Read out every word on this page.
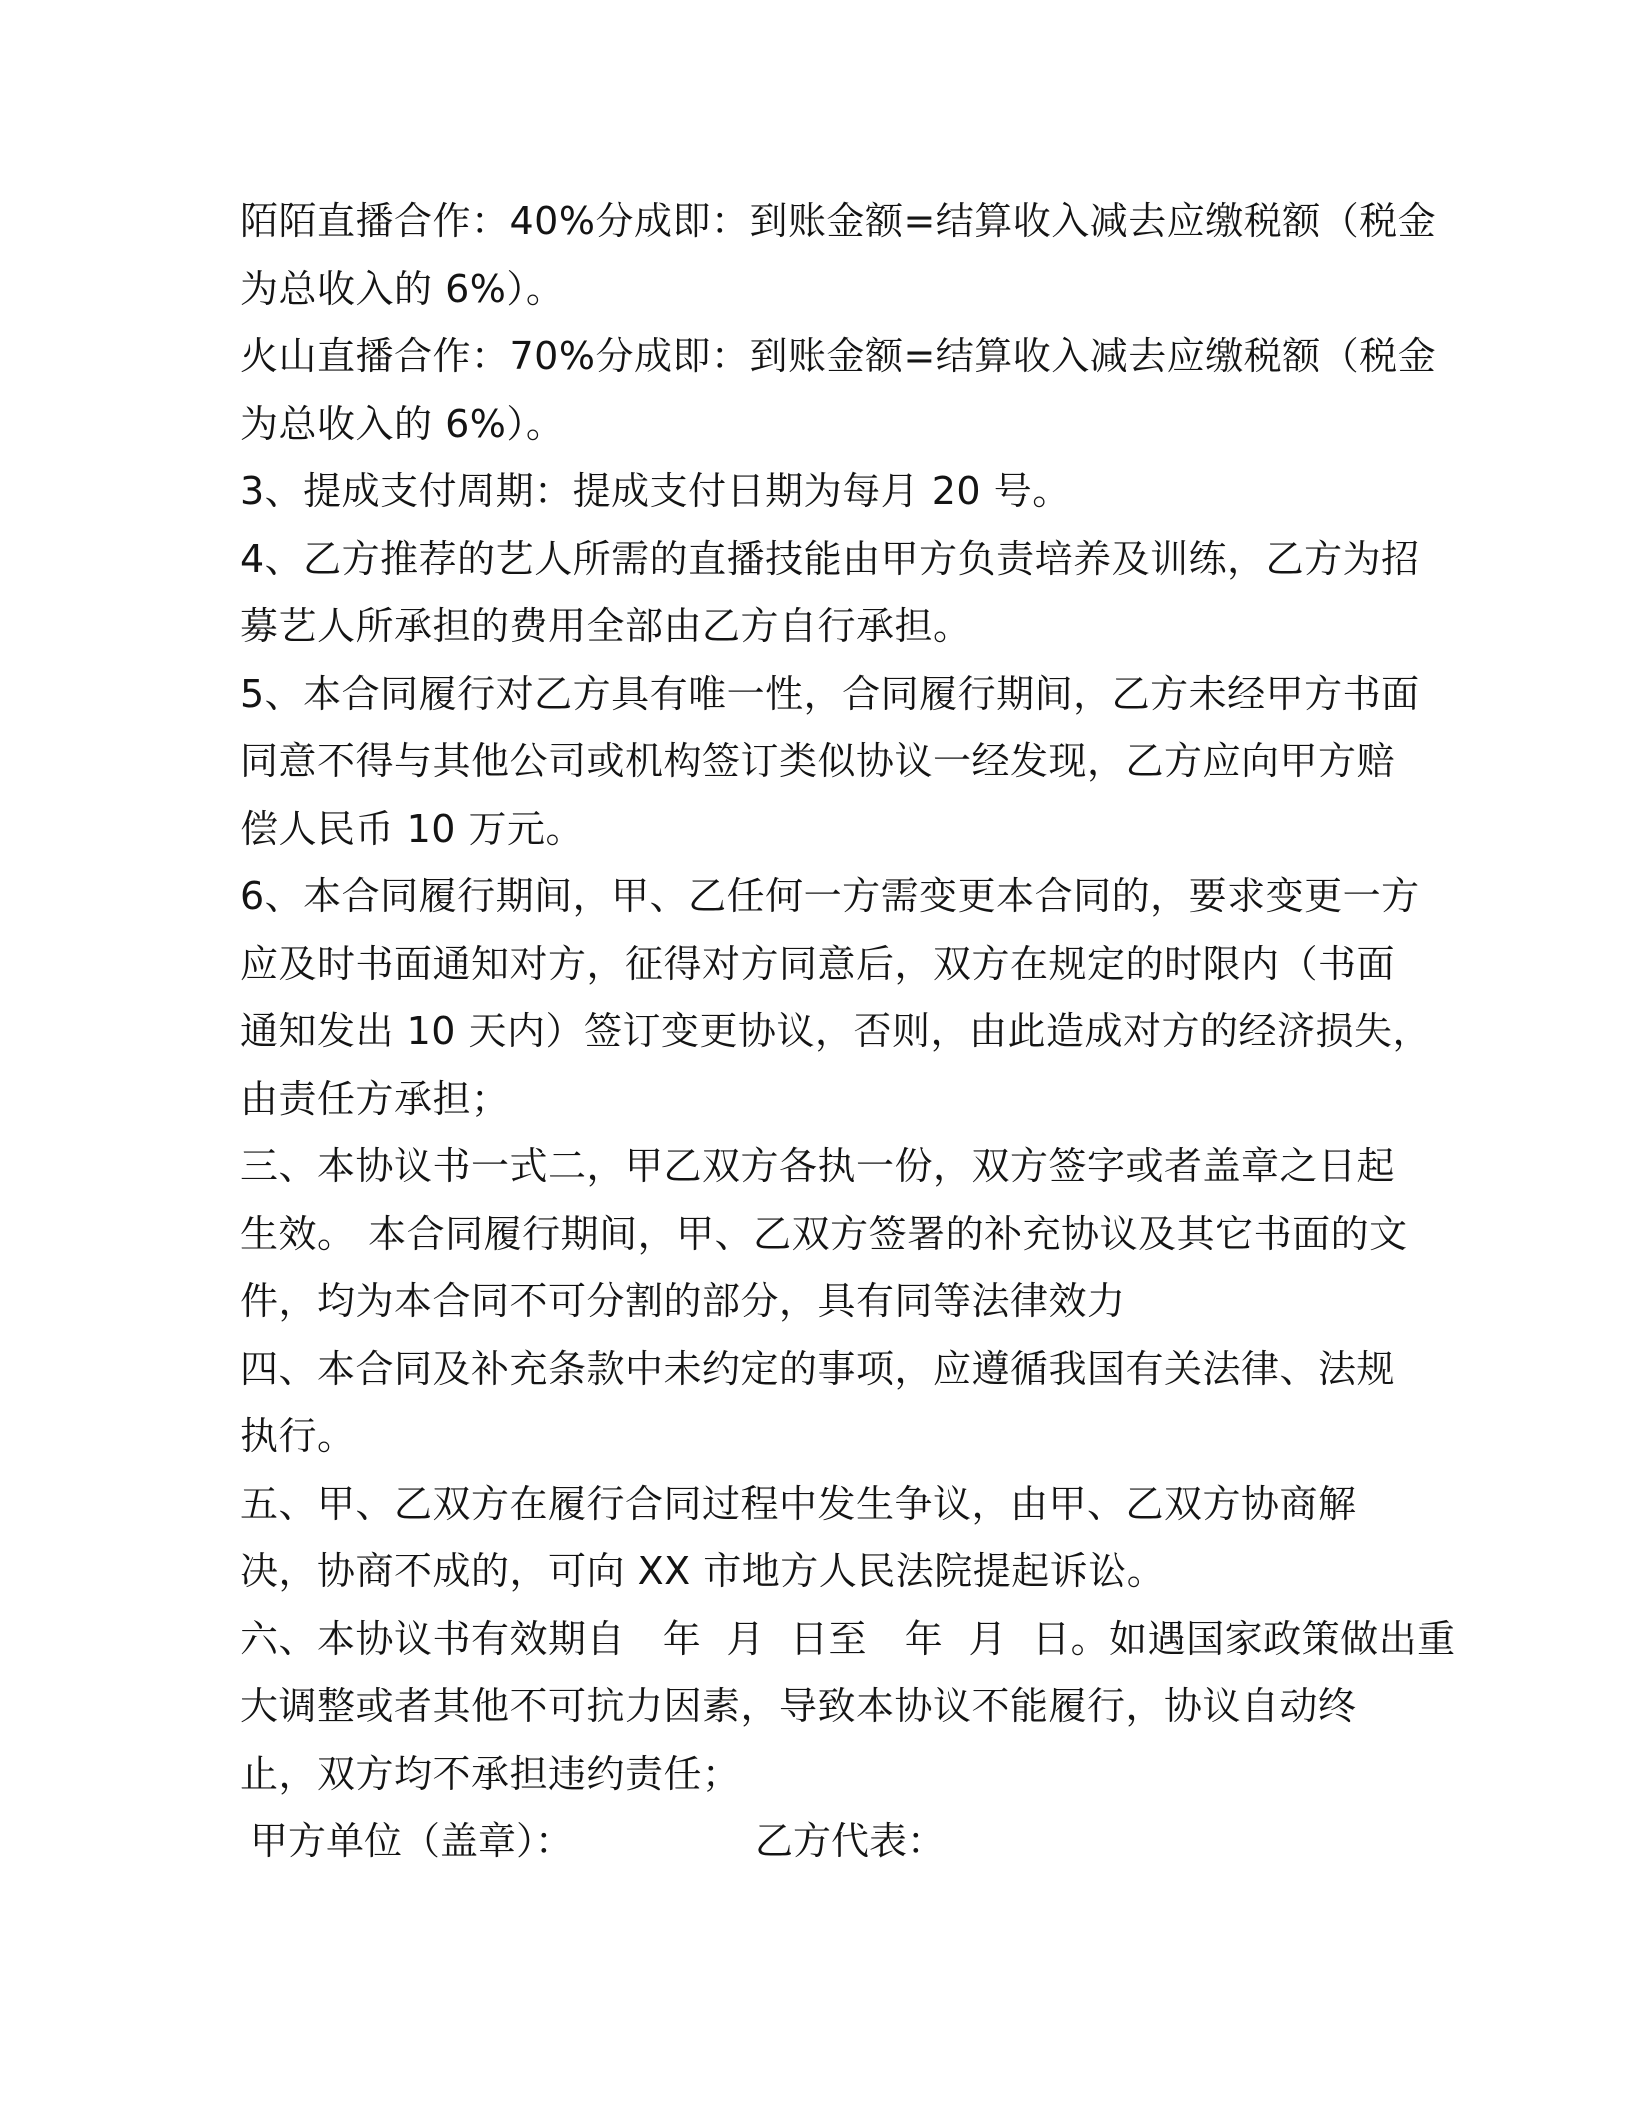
陌陌直播合作：40%分成即：到账金额=结算收入减去应缴税额（税金
为总收入的 6%）。
火山直播合作：70%分成即：到账金额=结算收入减去应缴税额（税金
为总收入的 6%）。
3、提成支付周期：提成支付日期为每月 20 号。
4、乙方推荐的艺人所需的直播技能由甲方负责培养及训练，乙方为招
募艺人所承担的费用全部由乙方自行承担。
5、本合同履行对乙方具有唯一性，合同履行期间，乙方未经甲方书面
同意不得与其他公司或机构签订类似协议一经发现，乙方应向甲方赔
偿人民币 10 万元。
6、本合同履行期间，甲、乙任何一方需变更本合同的，要求变更一方
应及时书面通知对方，征得对方同意后，双方在规定的时限内（书面
通知发出 10 天内）签订变更协议，否则，由此造成对方的经济损失，
由责任方承担；
三、本协议书一式二，甲乙双方各执一份，双方签字或者盖章之日起
生效。 本合同履行期间，甲、乙双方签署的补充协议及其它书面的文
件，均为本合同不可分割的部分，具有同等法律效力
四、本合同及补充条款中未约定的事项，应遵循我国有关法律、法规
执行。
五、甲、乙双方在履行合同过程中发生争议，由甲、乙双方协商解
决，协商不成的，可向 XX 市地方人民法院提起诉讼。
六、本协议书有效期自   年  月  日至   年  月  日。如遇国家政策做出重
大调整或者其他不可抗力因素，导致本协议不能履行，协议自动终
止，双方均不承担违约责任；
甲方单位（盖章）：	乙方代表：
